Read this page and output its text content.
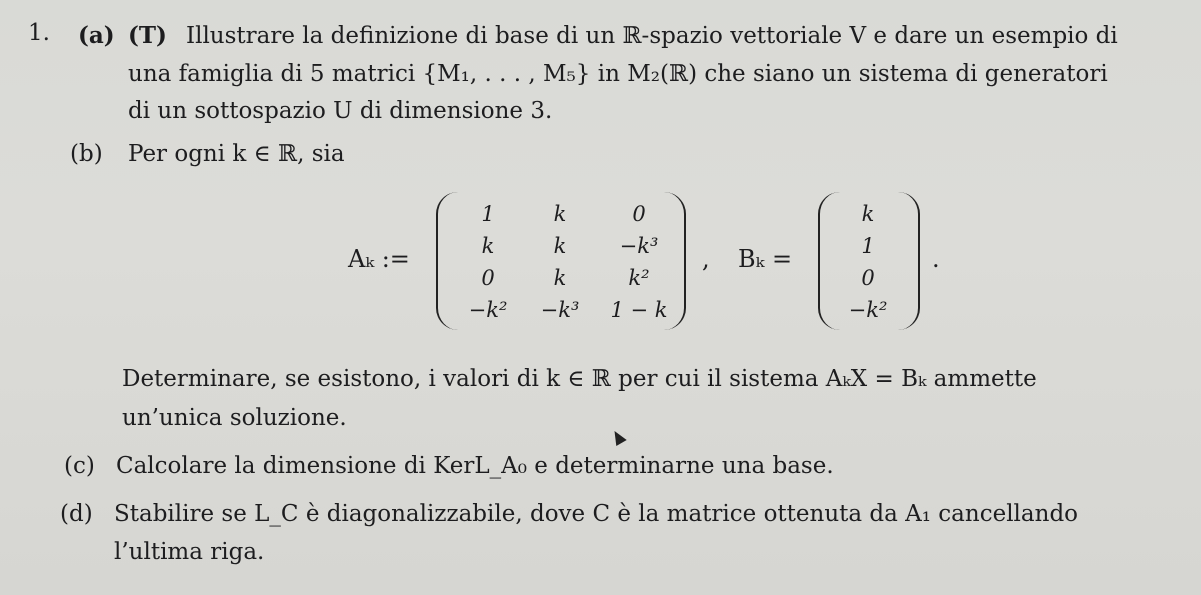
1. (a) (T) Illustrare la definizione di base di un ℝ-spazio vettoriale V e dare un esempio di
una famiglia di 5 matrici {M₁, . . . , M₅} in M₂(ℝ) che siano un sistema di generatori
di un sottospazio U di dimensione 3.
(b) Per ogni k ∈ ℝ, sia
Aₖ :=
1	k	0
k	k	−k³
0	k	k²
−k²	−k³	1 − k
, Bₖ =
k
1
0
−k²
.
Determinare, se esistono, i valori di k ∈ ℝ per cui il sistema AₖX = Bₖ ammette
un’unica soluzione.
(c) Calcolare la dimensione di KerL_A₀ e determinarne una base.
(d) Stabilire se L_C è diagonalizzabile, dove C è la matrice ottenuta da A₁ cancellando
l’ultima riga.
